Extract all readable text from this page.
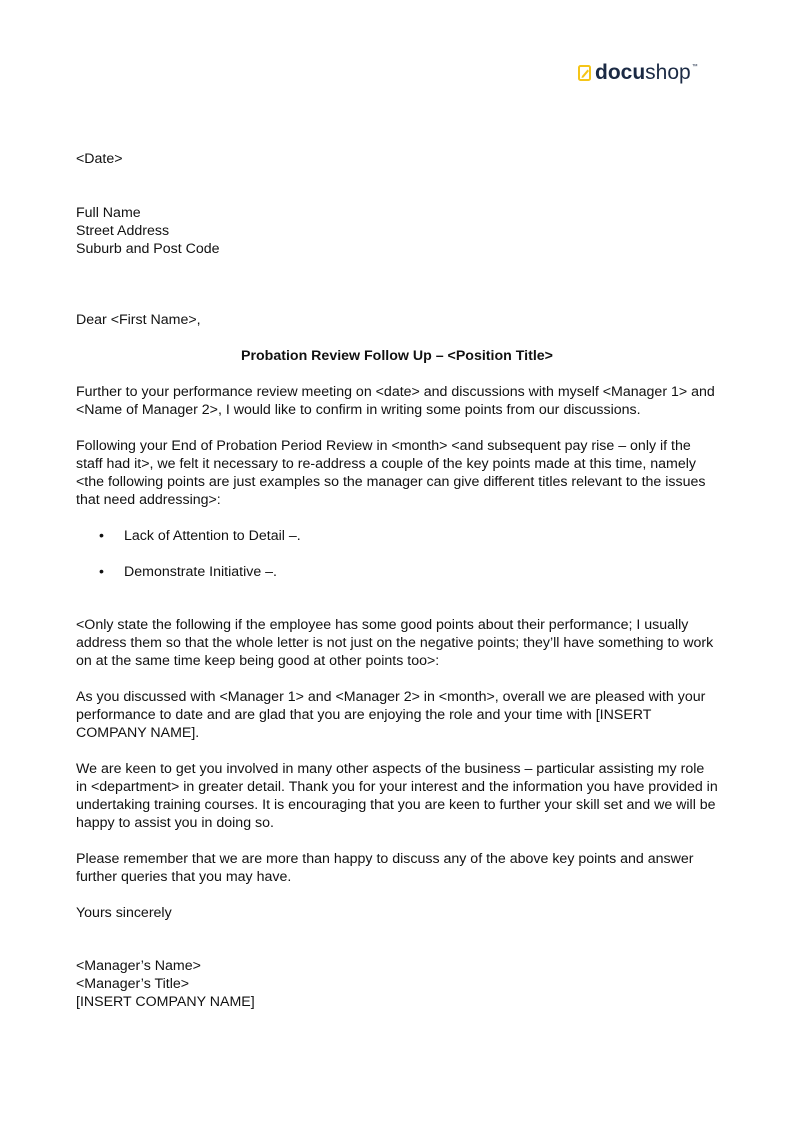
docu shop ™

<Date>

Full Name

Street Address

Suburb and Post Code

Dear <First Name>,

Probation Review Follow Up – <Position Title>

Further to your performance review meeting on <date> and discussions with myself <Manager 1> and <Name of Manager 2>, I would like to confirm in writing some points from our discussions.

Following your End of Probation Period Review in <month> <and subsequent pay rise – only if the staff had it>, we felt it necessary to re-address a couple of the key points made at this time, namely <the following points are just examples so the manager can give different titles relevant to the issues that need addressing>:

• Lack of Attention to Detail –.
• Demonstrate Initiative –.

<Only state the following if the employee has some good points about their performance; I usually address them so that the whole letter is not just on the negative points; they’ll have something to work on at the same time keep being good at other points too>:

As you discussed with <Manager 1> and <Manager 2> in <month>, overall we are pleased with your performance to date and are glad that you are enjoying the role and your time with [INSERT COMPANY NAME].

We are keen to get you involved in many other aspects of the business – particular assisting my role in <department> in greater detail. Thank you for your interest and the information you have provided in undertaking training courses. It is encouraging that you are keen to further your skill set and we will be happy to assist you in doing so.

Please remember that we are more than happy to discuss any of the above key points and answer further queries that you may have.

Yours sincerely

<Manager’s Name>

<Manager’s Title>

[INSERT COMPANY NAME]
